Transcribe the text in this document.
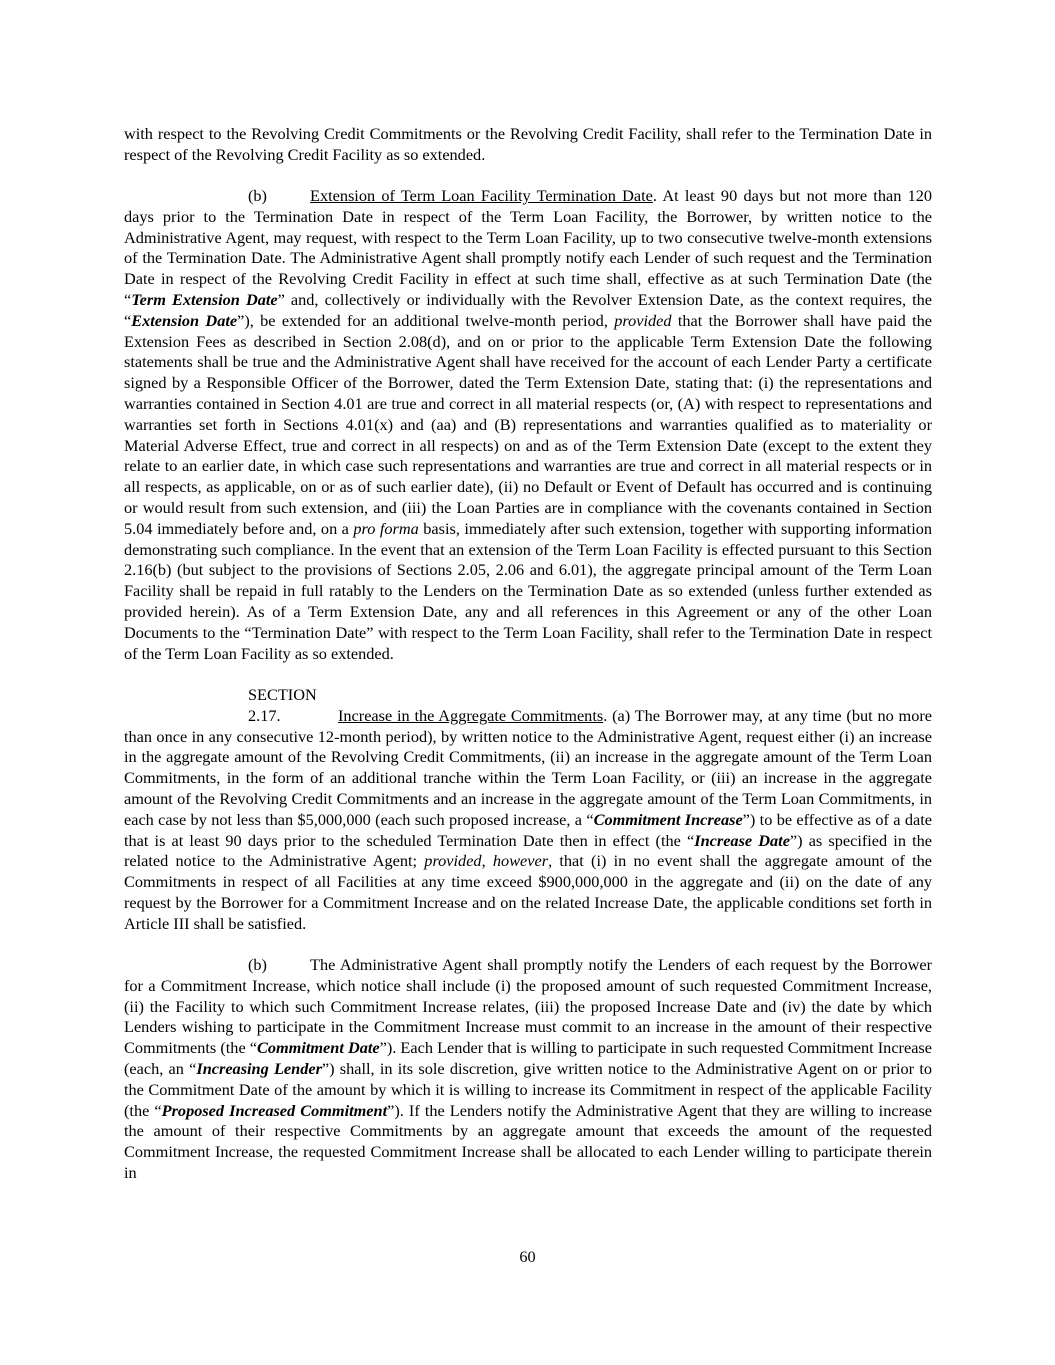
with respect to the Revolving Credit Commitments or the Revolving Credit Facility, shall refer to the Termination Date in respect of the Revolving Credit Facility as so extended.

(b)	Extension of Term Loan Facility Termination Date. At least 90 days but not more than 120 days prior to the Termination Date in respect of the Term Loan Facility, the Borrower, by written notice to the Administrative Agent, may request, with respect to the Term Loan Facility, up to two consecutive twelve-month extensions of the Termination Date. The Administrative Agent shall promptly notify each Lender of such request and the Termination Date in respect of the Revolving Credit Facility in effect at such time shall, effective as at such Termination Date (the “Term Extension Date” and, collectively or individually with the Revolver Extension Date, as the context requires, the “Extension Date”), be extended for an additional twelve-month period, provided that the Borrower shall have paid the Extension Fees as described in Section 2.08(d), and on or prior to the applicable Term Extension Date the following statements shall be true and the Administrative Agent shall have received for the account of each Lender Party a certificate signed by a Responsible Officer of the Borrower, dated the Term Extension Date, stating that: (i) the representations and warranties contained in Section 4.01 are true and correct in all material respects (or, (A) with respect to representations and warranties set forth in Sections 4.01(x) and (aa) and (B) representations and warranties qualified as to materiality or Material Adverse Effect, true and correct in all respects) on and as of the Term Extension Date (except to the extent they relate to an earlier date, in which case such representations and warranties are true and correct in all material respects or in all respects, as applicable, on or as of such earlier date), (ii) no Default or Event of Default has occurred and is continuing or would result from such extension, and (iii) the Loan Parties are in compliance with the covenants contained in Section 5.04 immediately before and, on a pro forma basis, immediately after such extension, together with supporting information demonstrating such compliance. In the event that an extension of the Term Loan Facility is effected pursuant to this Section 2.16(b) (but subject to the provisions of Sections 2.05, 2.06 and 6.01), the aggregate principal amount of the Term Loan Facility shall be repaid in full ratably to the Lenders on the Termination Date as so extended (unless further extended as provided herein). As of a Term Extension Date, any and all references in this Agreement or any of the other Loan Documents to the “Termination Date” with respect to the Term Loan Facility, shall refer to the Termination Date in respect of the Term Loan Facility as so extended.

SECTION 2.17.	Increase in the Aggregate Commitments. (a) The Borrower may, at any time (but no more than once in any consecutive 12-month period), by written notice to the Administrative Agent, request either (i) an increase in the aggregate amount of the Revolving Credit Commitments, (ii) an increase in the aggregate amount of the Term Loan Commitments, in the form of an additional tranche within the Term Loan Facility, or (iii) an increase in the aggregate amount of the Revolving Credit Commitments and an increase in the aggregate amount of the Term Loan Commitments, in each case by not less than $5,000,000 (each such proposed increase, a “Commitment Increase”) to be effective as of a date that is at least 90 days prior to the scheduled Termination Date then in effect (the “Increase Date”) as specified in the related notice to the Administrative Agent; provided, however, that (i) in no event shall the aggregate amount of the Commitments in respect of all Facilities at any time exceed $900,000,000 in the aggregate and (ii) on the date of any request by the Borrower for a Commitment Increase and on the related Increase Date, the applicable conditions set forth in Article III shall be satisfied.

(b)	The Administrative Agent shall promptly notify the Lenders of each request by the Borrower for a Commitment Increase, which notice shall include (i) the proposed amount of such requested Commitment Increase, (ii) the Facility to which such Commitment Increase relates, (iii) the proposed Increase Date and (iv) the date by which Lenders wishing to participate in the Commitment Increase must commit to an increase in the amount of their respective Commitments (the “Commitment Date”). Each Lender that is willing to participate in such requested Commitment Increase (each, an “Increasing Lender”) shall, in its sole discretion, give written notice to the Administrative Agent on or prior to the Commitment Date of the amount by which it is willing to increase its Commitment in respect of the applicable Facility (the “Proposed Increased Commitment”). If the Lenders notify the Administrative Agent that they are willing to increase the amount of their respective Commitments by an aggregate amount that exceeds the amount of the requested Commitment Increase, the requested Commitment Increase shall be allocated to each Lender willing to participate therein in

60
